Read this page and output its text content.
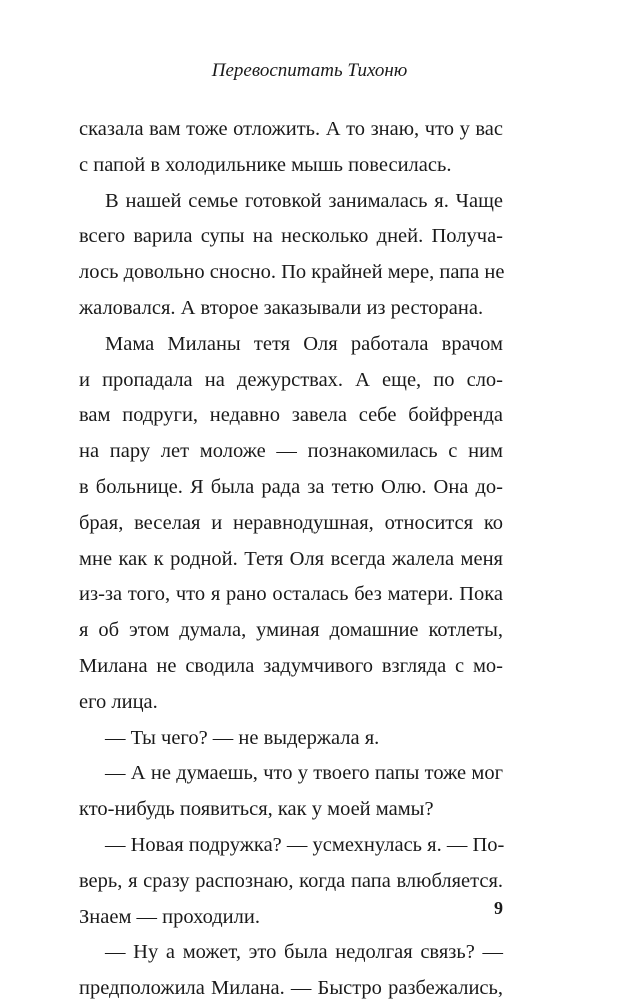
Перевоспитать Тихоню
сказала вам тоже отложить. А то знаю, что у вас
с папой в холодильнике мышь повесилась.
В нашей семье готовкой занималась я. Чаще
всего варила супы на несколько дней. Получа-
лось довольно сносно. По крайней мере, папа не
жаловался. А второе заказывали из ресторана.
Мама Миланы тетя Оля работала врачом
и пропадала на дежурствах. А еще, по сло-
вам подруги, недавно завела себе бойфренда
на пару лет моложе — познакомилась с ним
в больнице. Я была рада за тетю Олю. Она до-
брая, веселая и неравнодушная, относится ко
мне как к родной. Тетя Оля всегда жалела меня
из-за того, что я рано осталась без матери. Пока
я об этом думала, уминая домашние котлеты,
Милана не сводила задумчивого взгляда с мо-
его лица.
— Ты чего? — не выдержала я.
— А не думаешь, что у твоего папы тоже мог
кто-нибудь появиться, как у моей мамы?
— Новая подружка? — усмехнулась я. — По-
верь, я сразу распознаю, когда папа влюбляется.
Знаем — проходили.
— Ну а может, это была недолгая связь? —
предположила Милана. — Быстро разбежались,
9
